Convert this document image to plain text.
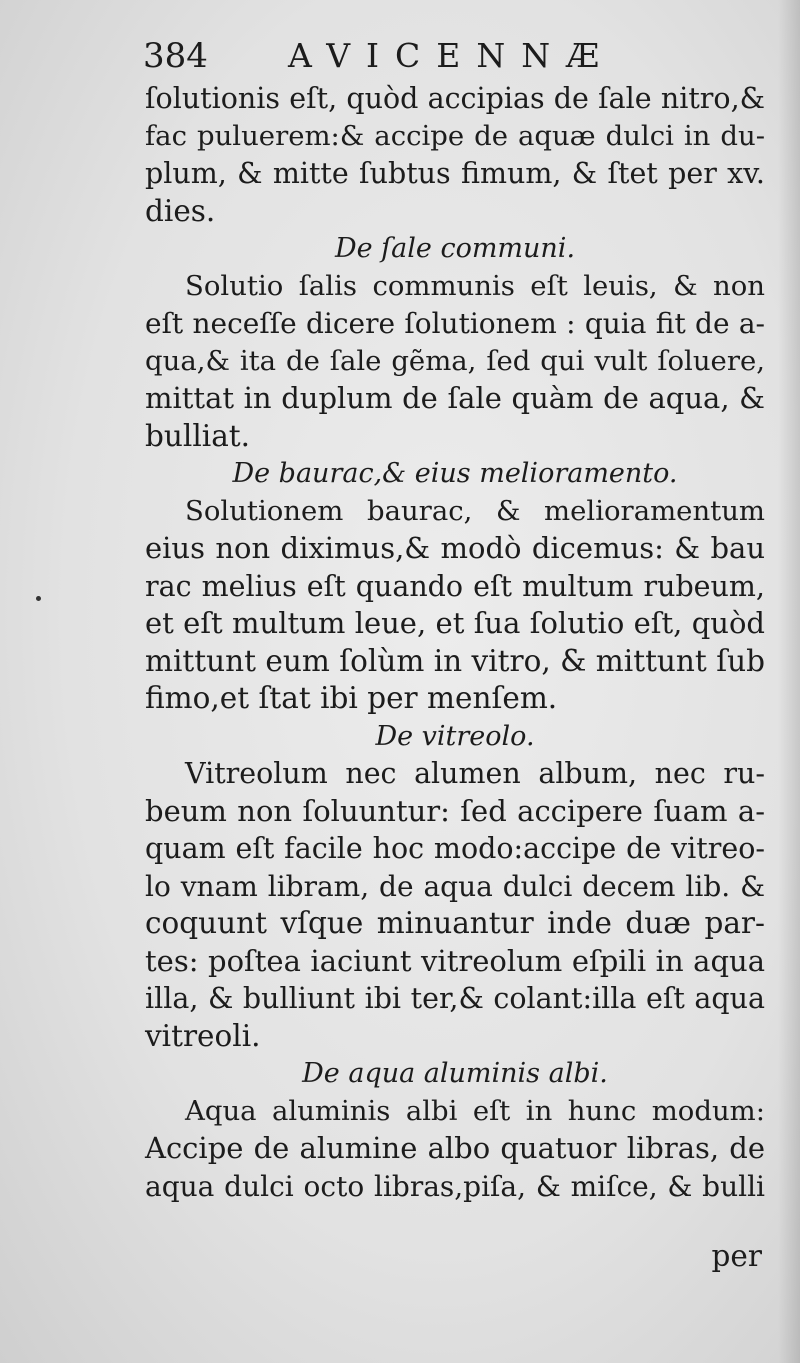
384 AVICENNÆ
ſolutionis eſt, quòd accipias de ſale nitro,&
fac puluerem:& accipe de aquæ dulci in du-
plum, & mitte ſubtus fimum, & ſtet per xv.
dies.
De ſale communi.
Solutio ſalis communis eſt leuis, & non
eſt neceſſe dicere ſolutionem : quia fit de a-
qua,& ita de ſale gẽma, ſed qui vult ſoluere,
mittat in duplum de ſale quàm de aqua, &
bulliat.
De baurac,& eius melioramento.
Solutionem baurac, & melioramentum
eius non diximus,& modò dicemus: & bau
rac melius eſt quando eſt multum rubeum,
et eſt multum leue, et ſua ſolutio eſt, quòd
mittunt eum ſolùm in vitro, & mittunt ſub
fimo,et ſtat ibi per menſem.
De vitreolo.
Vitreolum nec alumen album, nec ru-
beum non ſoluuntur: ſed accipere ſuam a-
quam eſt facile hoc modo:accipe de vitreo-
lo vnam libram, de aqua dulci decem lib. &
coquunt vſque minuantur inde duæ par-
tes: poſtea iaciunt vitreolum eſpili in aqua
illa, & bulliunt ibi ter,& colant:illa eſt aqua
vitreoli.
De aqua aluminis albi.
Aqua aluminis albi eſt in hunc modum:
Accipe de alumine albo quatuor libras, de
aqua dulci octo libras,piſa, & miſce, & bulli
per
